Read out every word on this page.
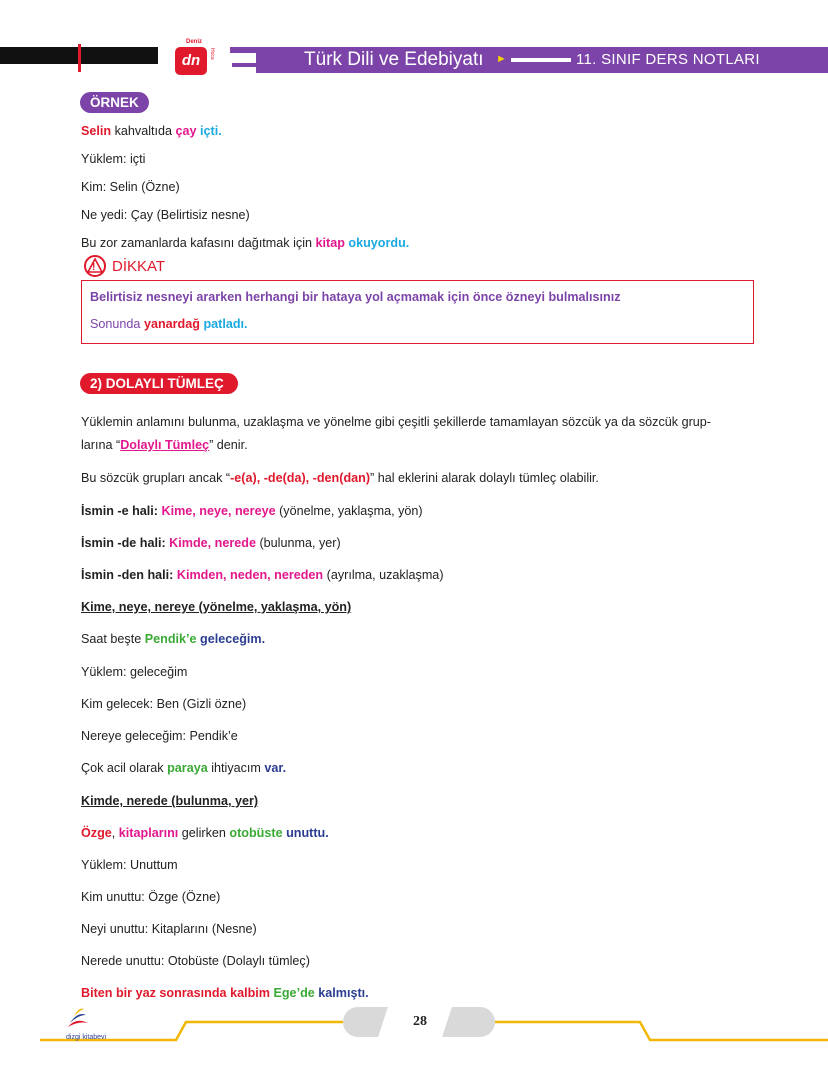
Deniz
dn	Hoca	Türk Dili ve Edebiyatı ►	11. SINIF DERS NOTLARI
ÖRNEK
Selin kahvaltıda çay içti.
Yüklem: içti
Kim: Selin (Özne)
Ne yedi: Çay (Belirtisiz nesne)
Bu zor zamanlarda kafasını dağıtmak için kitap okuyordu.
! DİKKAT
Belirtisiz nesneyi ararken herhangi bir hataya yol açmamak için önce özneyi bulmalısınız
Sonunda yanardağ patladı.
2) DOLAYLI TÜMLEÇ
Yüklemin anlamını bulunma, uzaklaşma ve yönelme gibi çeşitli şekillerde tamamlayan sözcük ya da sözcük grup-
larına “Dolaylı Tümleç” denir.
Bu sözcük grupları ancak “-e(a), -de(da), -den(dan)” hal eklerini alarak dolaylı tümleç olabilir.
İsmin -e hali: Kime, neye, nereye (yönelme, yaklaşma, yön)
İsmin -de hali: Kimde, nerede (bulunma, yer)
İsmin -den hali: Kimden, neden, nereden (ayrılma, uzaklaşma)
Kime, neye, nereye (yönelme, yaklaşma, yön)
Saat beşte Pendik’e geleceğim.
Yüklem: geleceğim
Kim gelecek: Ben (Gizli özne)
Nereye geleceğim: Pendik’e
Çok acil olarak paraya ihtiyacım var.
Kimde, nerede (bulunma, yer)
Özge, kitaplarını gelirken otobüste unuttu.
Yüklem: Unuttum
Kim unuttu: Özge (Özne)
Neyi unuttu: Kitaplarını (Nesne)
Nerede unuttu: Otobüste (Dolaylı tümleç)
Biten bir yaz sonrasında kalbim Ege’de kalmıştı.
dizgi kitabevi
28
